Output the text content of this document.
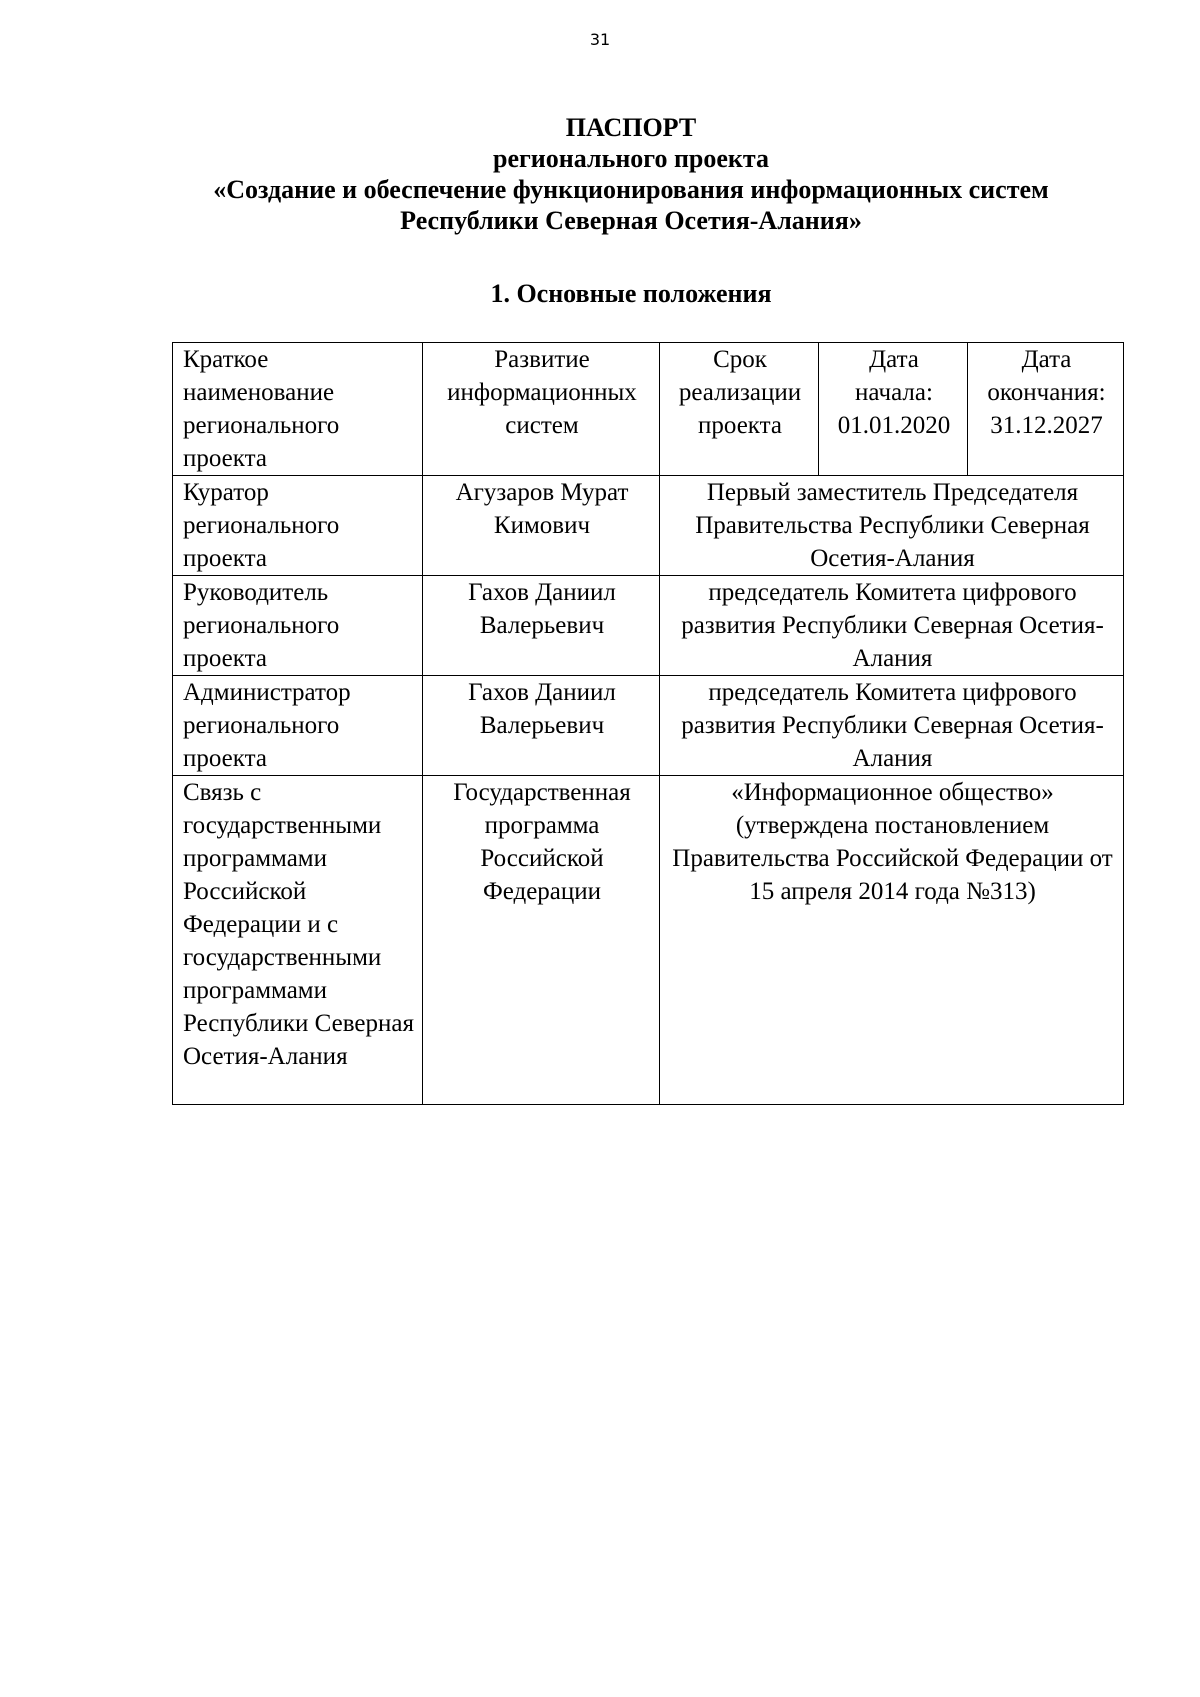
31
ПАСПОРТ
регионального проекта
«Создание и обеспечение функционирования информационных систем
Республики Северная Осетия-Алания»
1. Основные положения
Краткое наименование регионального проекта	Развитие информационных систем	Срок реализации проекта	Дата начала: 01.01.2020	Дата окончания: 31.12.2027
Куратор регионального проекта	Агузаров Мурат Кимович	Первый заместитель Председателя Правительства Республики Северная Осетия-Алания		
Руководитель регионального проекта	Гахов Даниил Валерьевич	председатель Комитета цифрового развития Республики Северная Осетия-Алания		
Администратор регионального проекта	Гахов Даниил Валерьевич	председатель Комитета цифрового развития Республики Северная Осетия-Алания		
Связь с государственными программами Российской Федерации и с государственными программами Республики Северная Осетия-Алания	Государственная программа Российской Федерации	«Информационное общество» (утверждена постановлением Правительства Российской Федерации от 15 апреля 2014 года №313)		
